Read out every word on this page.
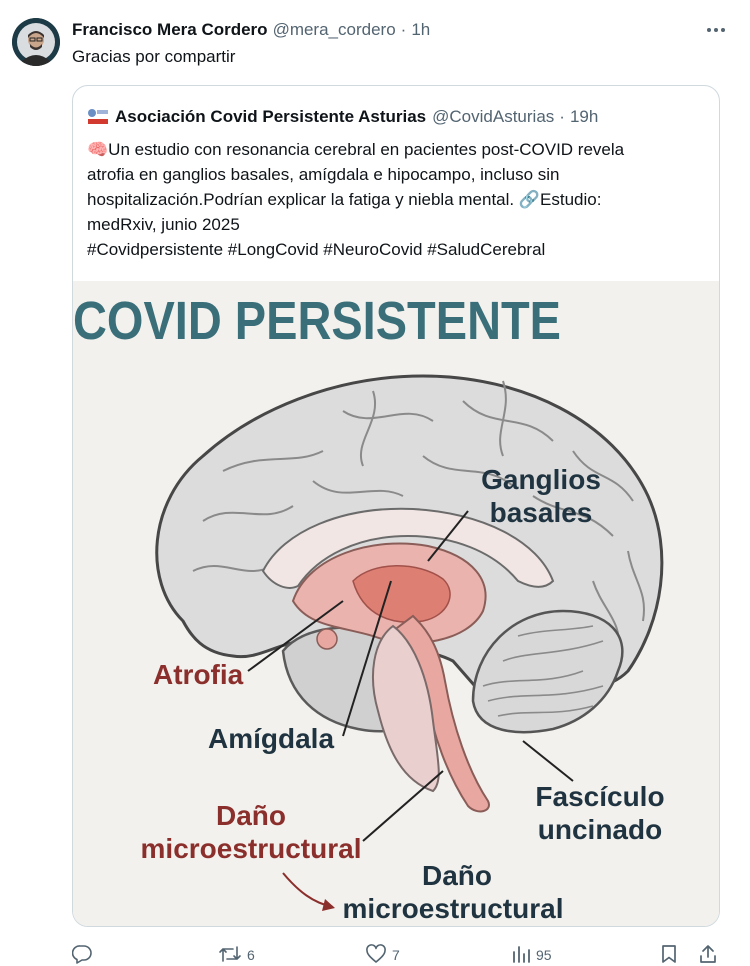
Francisco Mera Cordero @mera_cordero · 1h
Gracias por compartir
Asociación Covid Persistente Asturias @CovidAsturias · 19h
🧠Un estudio con resonancia cerebral en pacientes post-COVID revela
atrofia en ganglios basales, amígdala e hipocampo, incluso sin
hospitalización.Podrían explicar la fatiga y niebla mental. 🔗Estudio:
medRxiv, junio 2025
#Covidpersistente #LongCovid #NeuroCovid #SaludCerebral
COVID PERSISTENTE
Ganglios
basales
Atrofia
Amígdala
Daño
microestructural
Fascículo
uncinado
Daño
microestructural
6	7	95
